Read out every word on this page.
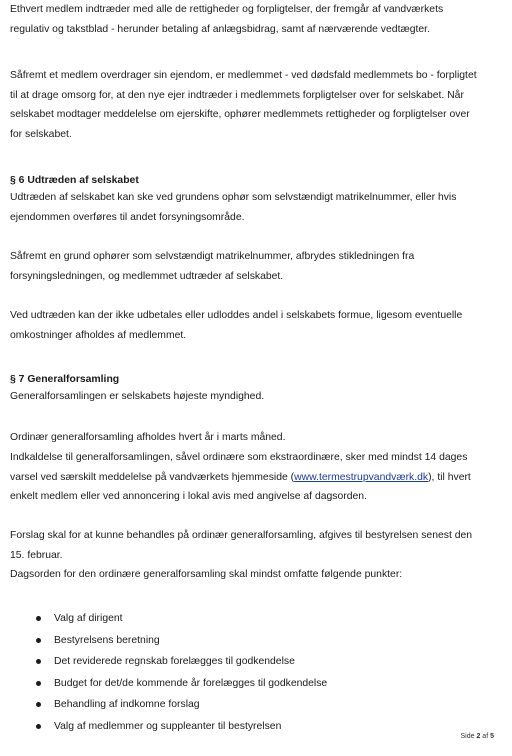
Ethvert medlem indtræder med alle de rettigheder og forpligtelser, der fremgår af vandværkets regulativ og takstblad - herunder betaling af anlægsbidrag, samt af nærværende vedtægter.

Såfremt et medlem overdrager sin ejendom, er medlemmet - ved dødsfald medlemmets bo - forpligtet til at drage omsorg for, at den nye ejer indtræder i medlemmets forpligtelser over for selskabet. Når selskabet modtager meddelelse om ejerskifte, ophører medlemmets rettigheder og forpligtelser over for selskabet.

§ 6 Udtræden af selskabet

Udtræden af selskabet kan ske ved grundens ophør som selvstændigt matrikelnummer, eller hvis ejendommen overføres til andet forsyningsområde.

Såfremt en grund ophører som selvstændigt matrikelnummer, afbrydes stikledningen fra forsyningsledningen, og medlemmet udtræder af selskabet.

Ved udtræden kan der ikke udbetales eller udloddes andel i selskabets formue, ligesom eventuelle omkostninger afholdes af medlemmet.

§ 7 Generalforsamling

Generalforsamlingen er selskabets højeste myndighed.

Ordinær generalforsamling afholdes hvert år i marts måned.

Indkaldelse til generalforsamlingen, såvel ordinære som ekstraordinære, sker med mindst 14 dages varsel ved særskilt meddelelse på vandværkets hjemmeside (www.termestrupvandværk.dk), til hvert enkelt medlem eller ved annoncering i lokal avis med angivelse af dagsorden.

Forslag skal for at kunne behandles på ordinær generalforsamling, afgives til bestyrelsen senest den 15. februar.

Dagsorden for den ordinære generalforsamling skal mindst omfatte følgende punkter:

Valg af dirigent
Bestyrelsens beretning
Det reviderede regnskab forelægges til godkendelse
Budget for det/de kommende år forelægges til godkendelse
Behandling af indkomne forslag
Valg af medlemmer og suppleanter til bestyrelsen
Side 2 af 5
